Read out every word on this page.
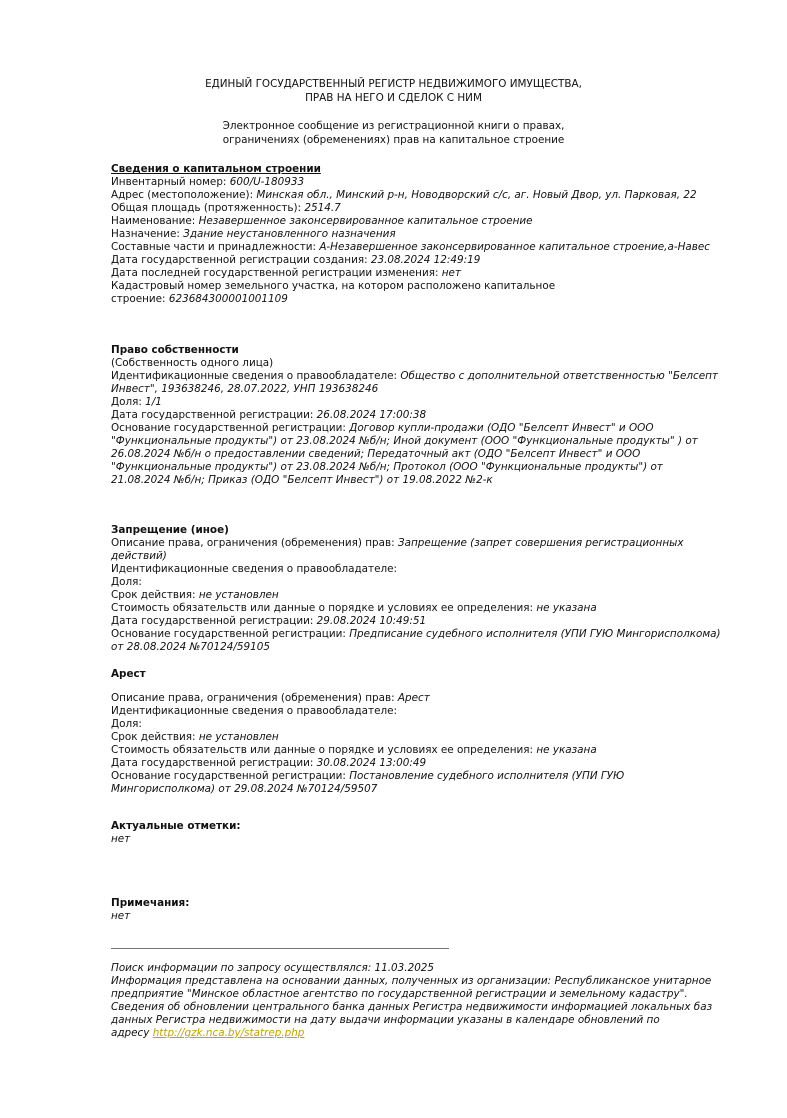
ЕДИНЫЙ ГОСУДАРСТВЕННЫЙ РЕГИСТР НЕДВИЖИМОГО ИМУЩЕСТВА,
ПРАВ НА НЕГО И СДЕЛОК С НИМ
Электронное сообщение из регистрационной книги о правах,
ограничениях (обременениях) прав на капитальное строение
Сведения о капитальном строении
Инвентарный номер: 600/U-180933
Адрес (местоположение): Минская обл., Минский р-н, Новодворский с/с, аг. Новый Двор, ул. Парковая, 22
Общая площадь (протяженность): 2514.7
Наименование: Незавершенное законсервированное капитальное строение
Назначение: Здание неустановленного назначения
Составные части и принадлежности: А-Незавершенное законсервированное капитальное строение,а-Навес
Дата государственной регистрации создания: 23.08.2024 12:49:19
Дата последней государственной регистрации изменения: нет
Кадастровый номер земельного участка, на котором расположено капитальное
строение: 623684300001001109
Право собственности
(Собственность одного лица)
Идентификационные сведения о правообладателе: Общество с дополнительной ответственностью "Белсепт
Инвест", 193638246, 28.07.2022, УНП 193638246
Доля: 1/1
Дата государственной регистрации: 26.08.2024 17:00:38
Основание государственной регистрации: Договор купли-продажи (ОДО "Белсепт Инвест" и ООО
"Функциональные продукты") от 23.08.2024 №б/н; Иной документ (ООО "Функциональные продукты" ) от
26.08.2024 №б/н о предоставлении сведений; Передаточный акт (ОДО "Белсепт Инвест" и ООО
"Функциональные продукты") от 23.08.2024 №б/н; Протокол (ООО "Функциональные продукты") от
21.08.2024 №б/н; Приказ (ОДО "Белсепт Инвест") от 19.08.2022 №2-к
Запрещение (иное)
Описание права, ограничения (обременения) прав: Запрещение (запрет совершения регистрационных
действий)
Идентификационные сведения о правообладателе:
Доля:
Срок действия: не установлен
Стоимость обязательств или данные о порядке и условиях ее определения: не указана
Дата государственной регистрации: 29.08.2024 10:49:51
Основание государственной регистрации: Предписание судебного исполнителя (УПИ ГУЮ Мингорисполкома)
от 28.08.2024 №70124/59105
Арест
Описание права, ограничения (обременения) прав: Арест
Идентификационные сведения о правообладателе:
Доля:
Срок действия: не установлен
Стоимость обязательств или данные о порядке и условиях ее определения: не указана
Дата государственной регистрации: 30.08.2024 13:00:49
Основание государственной регистрации: Постановление судебного исполнителя (УПИ ГУЮ
Мингорисполкома) от 29.08.2024 №70124/59507
Актуальные отметки:
нет
Примечания:
нет
Поиск информации по запросу осуществлялся: 11.03.2025
Информация представлена на основании данных, полученных из организации: Республиканское унитарное
предприятие "Минское областное агентство по государственной регистрации и земельному кадастру".
Сведения об обновлении центрального банка данных Регистра недвижимости информацией локальных баз
данных Регистра недвижимости на дату выдачи информации указаны в календаре обновлений по
адресу http://gzk.nca.by/statrep.php
